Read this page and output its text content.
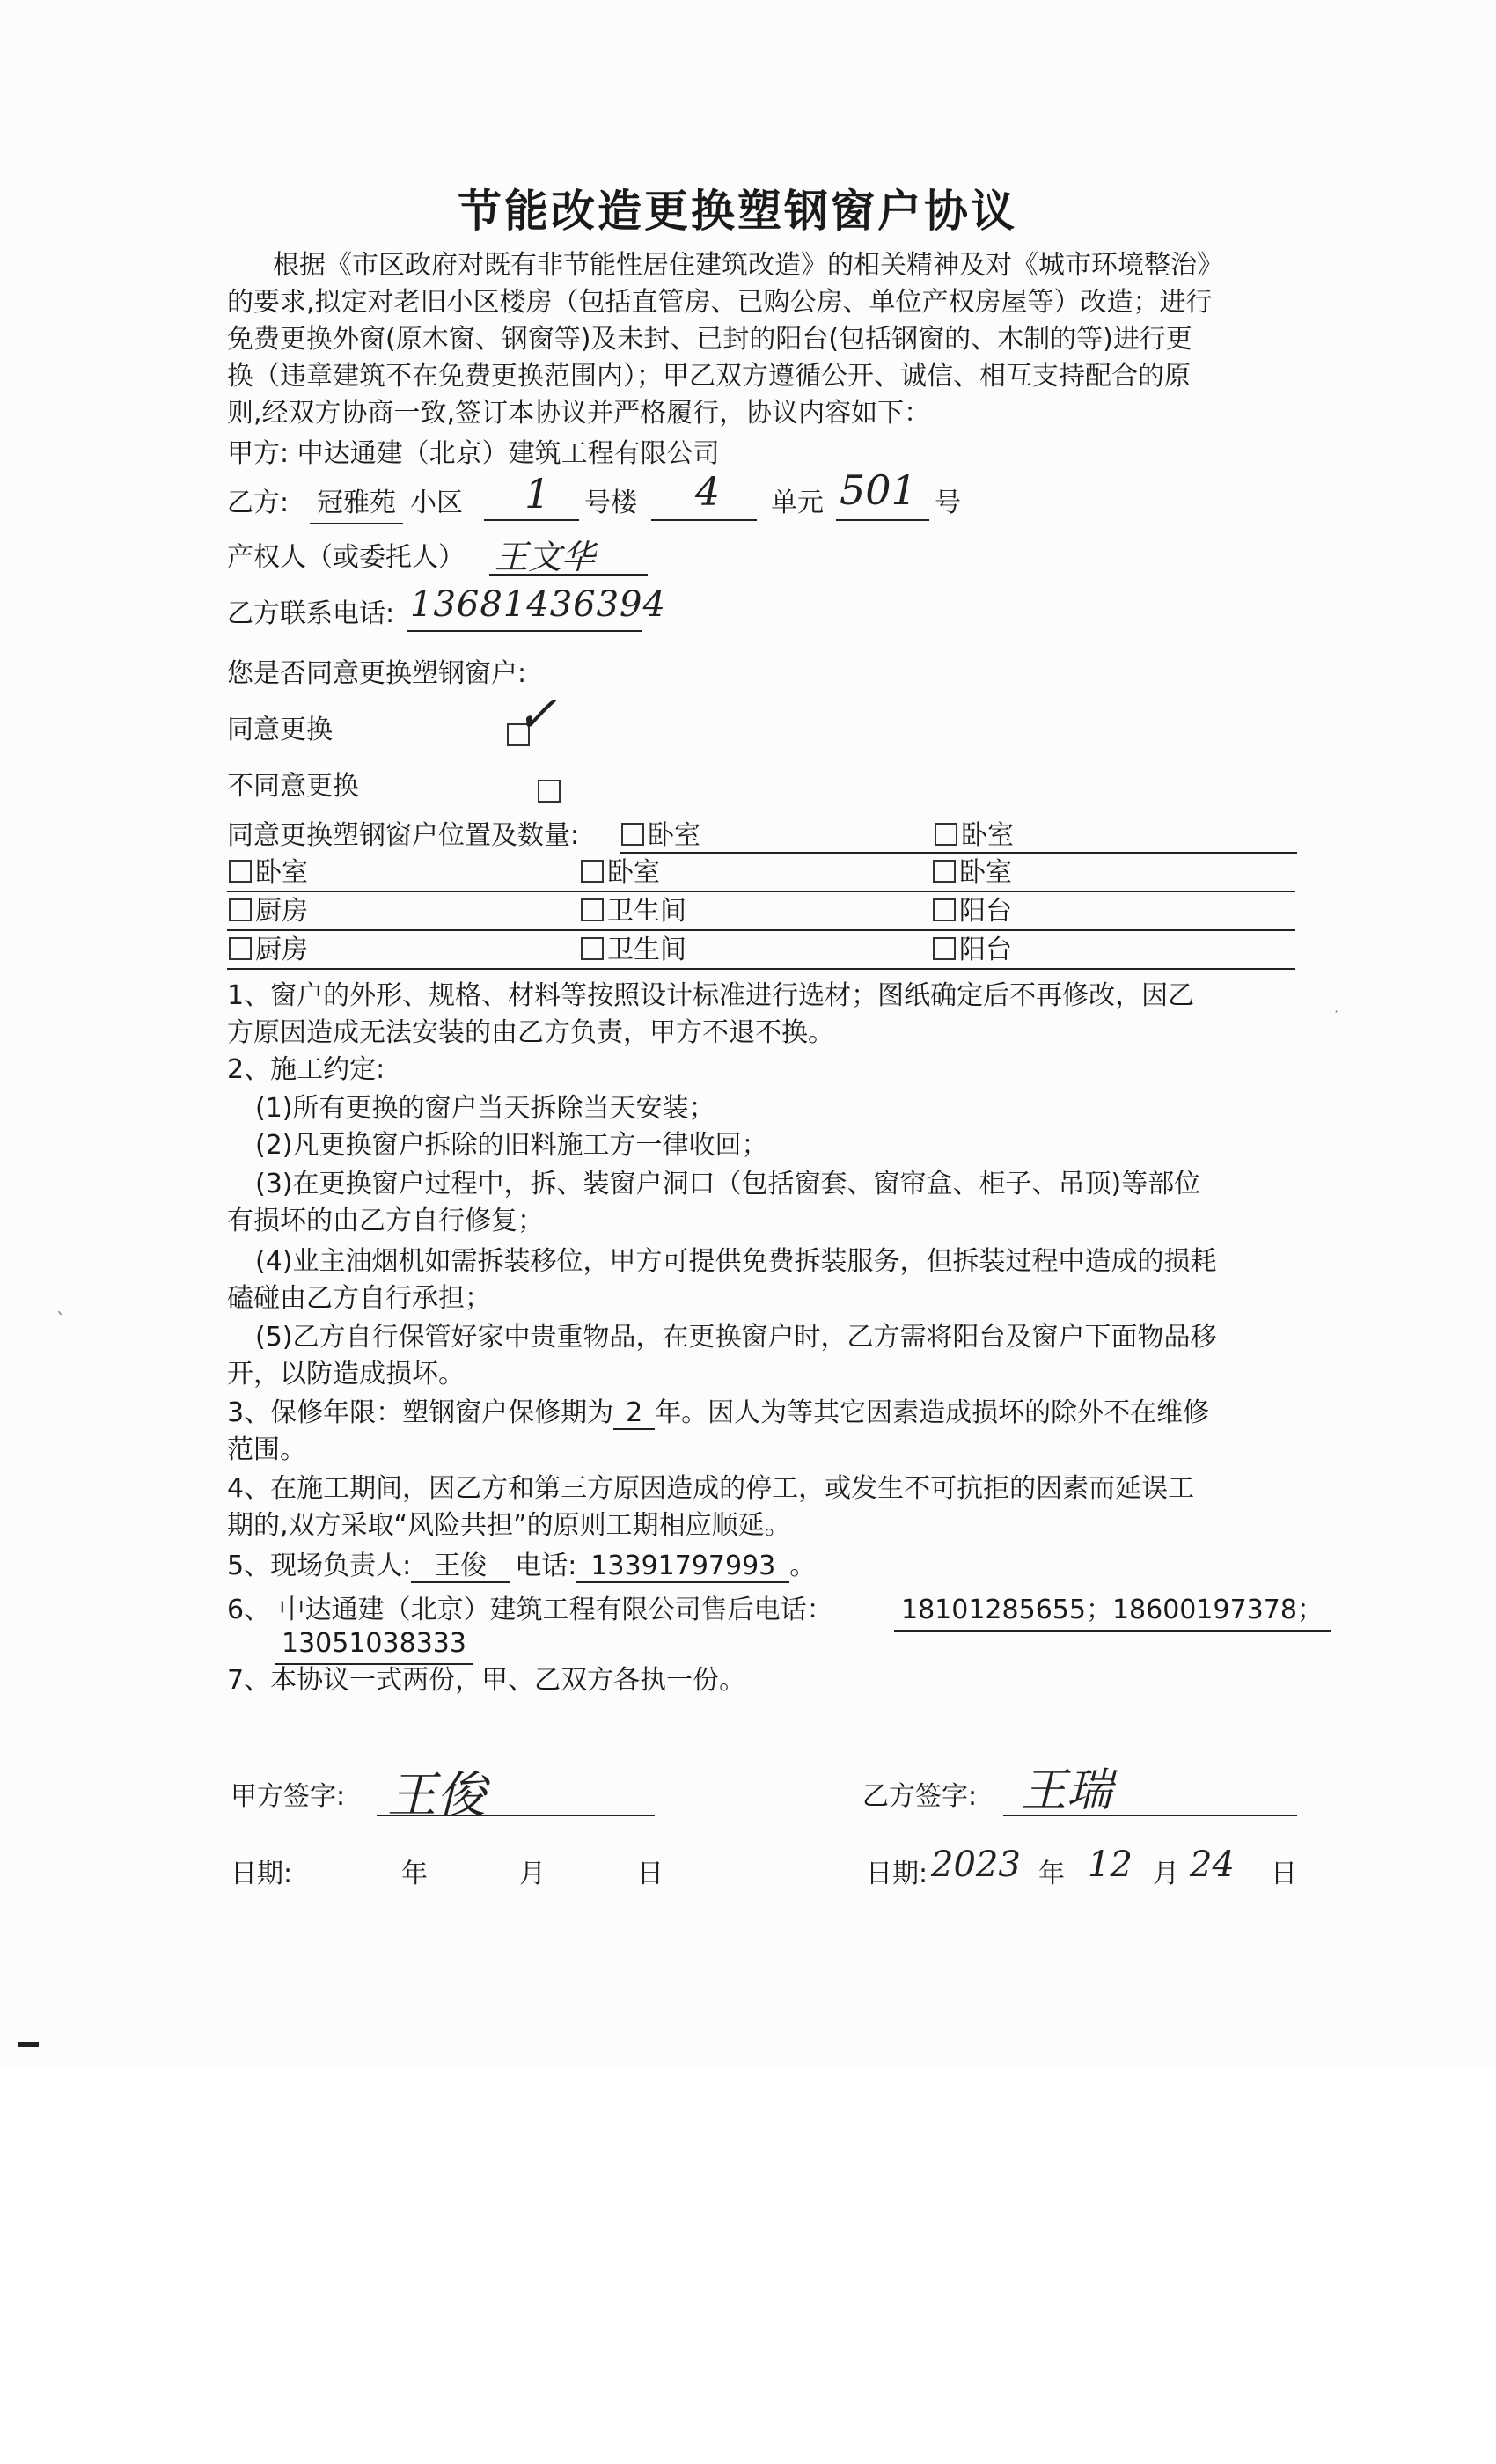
节能改造更换塑钢窗户协议
根据《市区政府对既有非节能性居住建筑改造》的相关精神及对《城市环境整治》
的要求,拟定对老旧小区楼房（包括直管房、已购公房、单位产权房屋等）改造；进行
免费更换外窗(原木窗、钢窗等)及未封、已封的阳台(包括钢窗的、木制的等)进行更
换（违章建筑不在免费更换范围内）；甲乙双方遵循公开、诚信、相互支持配合的原
则,经双方协商一致,签订本协议并严格履行，协议内容如下：
甲方: 中达通建（北京）建筑工程有限公司
乙方: 冠雅苑 小区 1 号楼 4 单元 501 号
产权人（或委托人） 王文华
乙方联系电话: 13681436394
您是否同意更换塑钢窗户:
同意更换
	✓
不同意更换
同意更换塑钢窗户位置及数量:	卧室	卧室
卧室	卧室	卧室
厨房	卫生间	阳台
厨房	卫生间	阳台
1、窗户的外形、规格、材料等按照设计标准进行选材；图纸确定后不再修改，因乙
方原因造成无法安装的由乙方负责，甲方不退不换。
2、施工约定:
(1)所有更换的窗户当天拆除当天安装；
(2)凡更换窗户拆除的旧料施工方一律收回；
(3)在更换窗户过程中，拆、装窗户洞口（包括窗套、窗帘盒、柜子、吊顶)等部位
有损坏的由乙方自行修复；
(4)业主油烟机如需拆装移位，甲方可提供免费拆装服务，但拆装过程中造成的损耗
磕碰由乙方自行承担；
(5)乙方自行保管好家中贵重物品，在更换窗户时，乙方需将阳台及窗户下面物品移
开，以防造成损坏。
3、保修年限：塑钢窗户保修期为 2 年。因人为等其它因素造成损坏的除外不在维修
范围。
4、在施工期间，因乙方和第三方原因造成的停工，或发生不可抗拒的因素而延误工
期的,双方采取“风险共担”的原则工期相应顺延。
5、现场负责人: 王俊 电话: 13391797993 。
6、 中达通建（北京）建筑工程有限公司售后电话：	18101285655；18600197378；
13051038333
7、本协议一式两份，甲、乙双方各执一份。
甲方签字: 王俊	乙方签字: 王瑞
日期:	年	月	日	日期: 2023 年 12 月 24 日
ˎ
·
